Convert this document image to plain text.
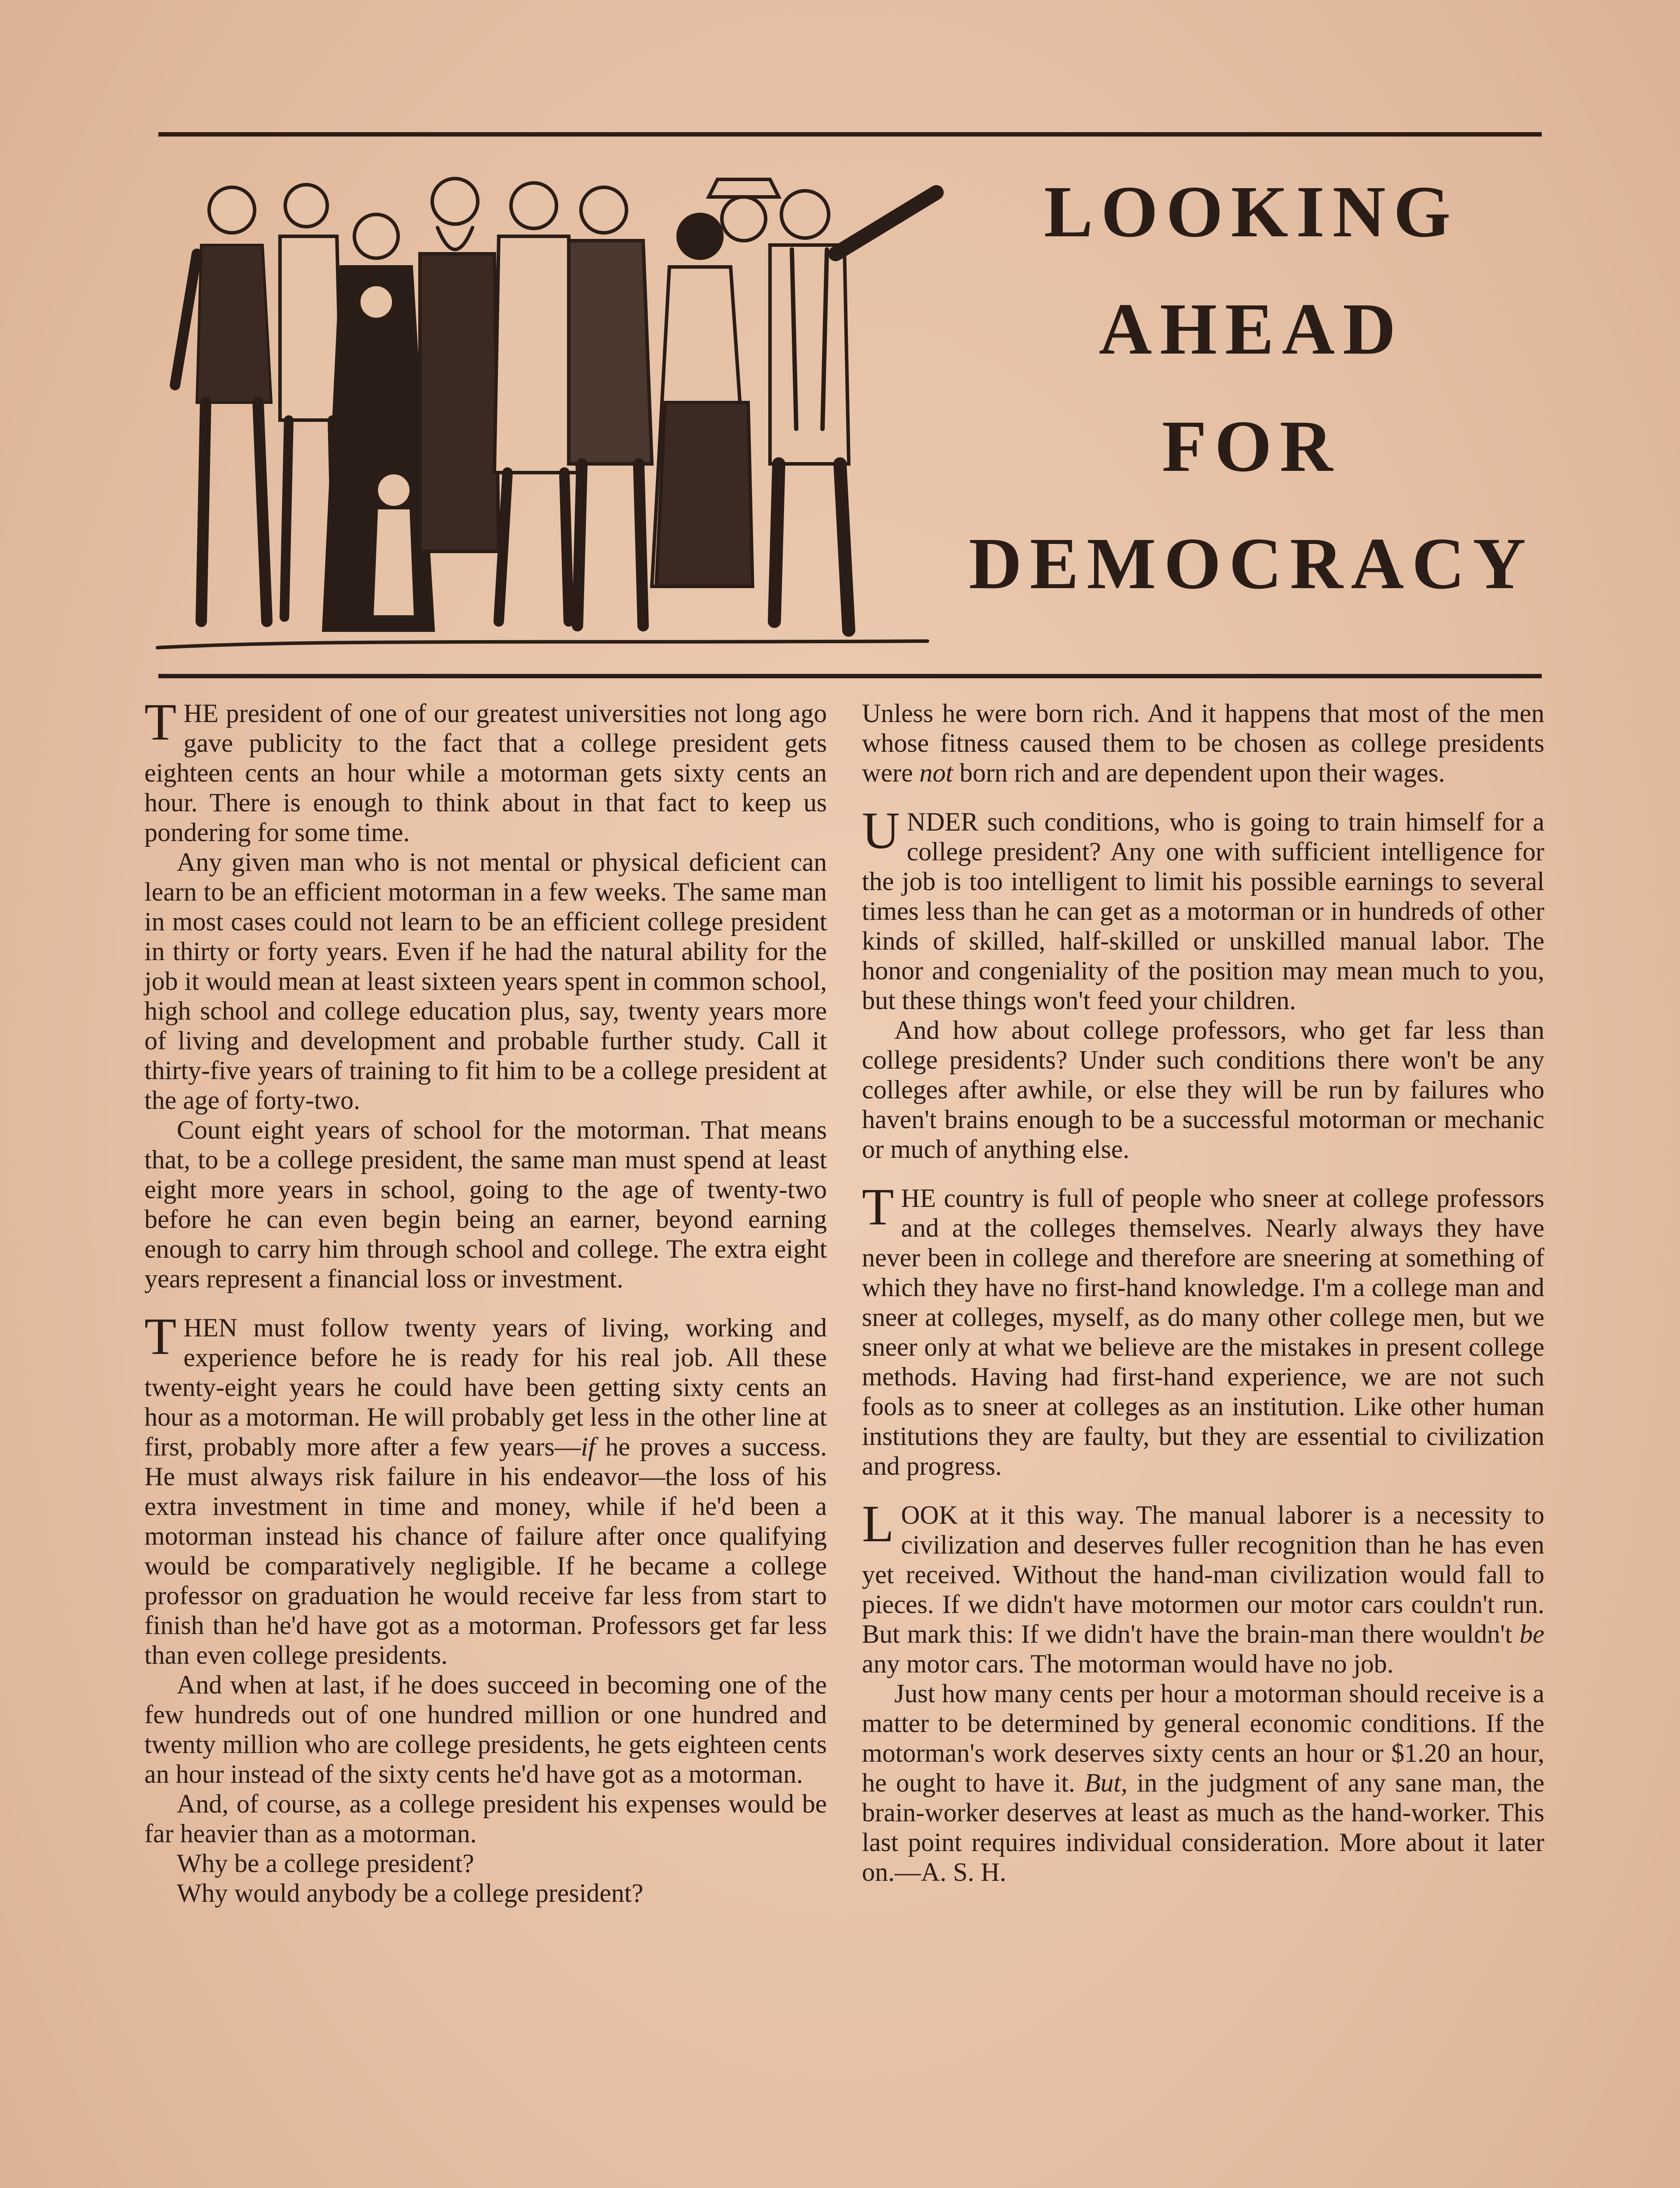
LOOKING
AHEAD
FOR
DEMOCRACY

THE president of one of our greatest universities not long ago gave publicity to the fact that a college president gets eighteen cents an hour while a motorman gets sixty cents an hour. There is enough to think about in that fact to keep us pondering for some time.

Any given man who is not mental or physical deficient can learn to be an efficient motorman in a few weeks. The same man in most cases could not learn to be an efficient college president in thirty or forty years. Even if he had the natural ability for the job it would mean at least sixteen years spent in common school, high school and college education plus, say, twenty years more of living and development and probable further study. Call it thirty-five years of training to fit him to be a college president at the age of forty-two.

Count eight years of school for the motorman. That means that, to be a college president, the same man must spend at least eight more years in school, going to the age of twenty-two before he can even begin being an earner, beyond earning enough to carry him through school and college. The extra eight years represent a financial loss or investment.

THEN must follow twenty years of living, working and experience before he is ready for his real job. All these twenty-eight years he could have been getting sixty cents an hour as a motorman. He will probably get less in the other line at first, probably more after a few years—if he proves a success. He must always risk failure in his endeavor—the loss of his extra investment in time and money, while if he'd been a motorman instead his chance of failure after once qualifying would be comparatively negligible. If he became a college professor on graduation he would receive far less from start to finish than he'd have got as a motorman. Professors get far less than even college presidents.

And when at last, if he does succeed in becoming one of the few hundreds out of one hundred million or one hundred and twenty million who are college presidents, he gets eighteen cents an hour instead of the sixty cents he'd have got as a motorman.

And, of course, as a college president his expenses would be far heavier than as a motorman.

Why be a college president?

Why would anybody be a college president?

Unless he were born rich. And it happens that most of the men whose fitness caused them to be chosen as college presidents were not born rich and are dependent upon their wages.

UNDER such conditions, who is going to train himself for a college president? Any one with sufficient intelligence for the job is too intelligent to limit his possible earnings to several times less than he can get as a motorman or in hundreds of other kinds of skilled, half-skilled or unskilled manual labor. The honor and congeniality of the position may mean much to you, but these things won't feed your children.

And how about college professors, who get far less than college presidents? Under such conditions there won't be any colleges after awhile, or else they will be run by failures who haven't brains enough to be a successful motorman or mechanic or much of anything else.

THE country is full of people who sneer at college professors and at the colleges themselves. Nearly always they have never been in college and therefore are sneering at something of which they have no first-hand knowledge. I'm a college man and sneer at colleges, myself, as do many other college men, but we sneer only at what we believe are the mistakes in present college methods. Having had first-hand experience, we are not such fools as to sneer at colleges as an institution. Like other human institutions they are faulty, but they are essential to civilization and progress.

LOOK at it this way. The manual laborer is a necessity to civilization and deserves fuller recognition than he has even yet received. Without the hand-man civilization would fall to pieces. If we didn't have motormen our motor cars couldn't run. But mark this: If we didn't have the brain-man there wouldn't be any motor cars. The motorman would have no job.

Just how many cents per hour a motorman should receive is a matter to be determined by general economic conditions. If the motorman's work deserves sixty cents an hour or $1.20 an hour, he ought to have it. But, in the judgment of any sane man, the brain-worker deserves at least as much as the hand-worker. This last point requires individual consideration. More about it later on.—A. S. H.
